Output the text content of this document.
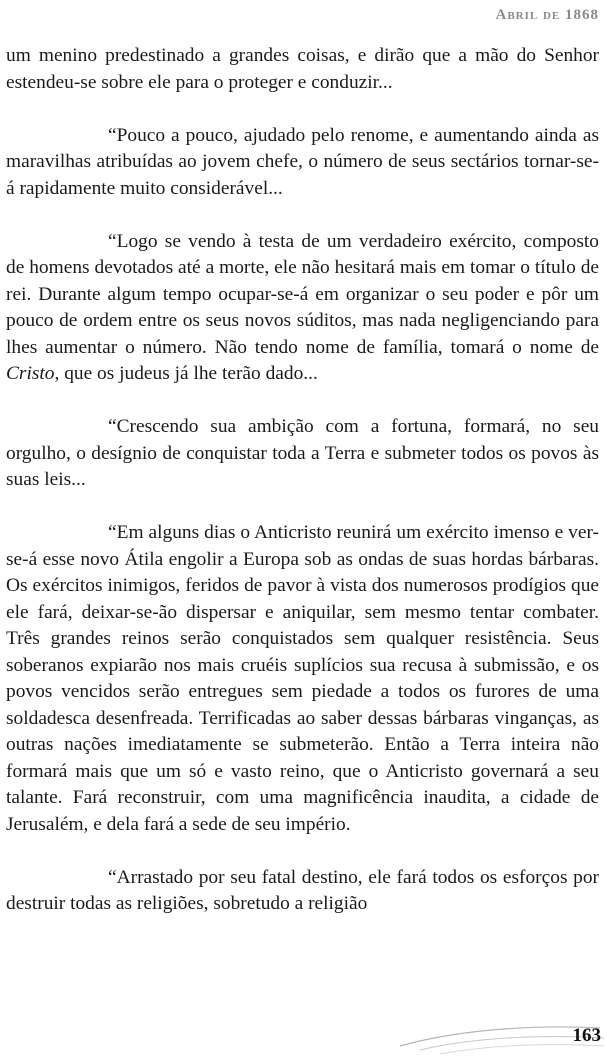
Abril de 1868

um menino predestinado a grandes coisas, e dirão que a mão do Senhor estendeu-se sobre ele para o proteger e conduzir...

“Pouco a pouco, ajudado pelo renome, e aumentando ainda as maravilhas atribuídas ao jovem chefe, o número de seus sectários tornar-se-á rapidamente muito considerável...

“Logo se vendo à testa de um verdadeiro exército, composto de homens devotados até a morte, ele não hesitará mais em tomar o título de rei. Durante algum tempo ocupar-se-á em organizar o seu poder e pôr um pouco de ordem entre os seus novos súditos, mas nada negligenciando para lhes aumentar o número. Não tendo nome de família, tomará o nome de Cristo, que os judeus já lhe terão dado...

“Crescendo sua ambição com a fortuna, formará, no seu orgulho, o desígnio de conquistar toda a Terra e submeter todos os povos às suas leis...

“Em alguns dias o Anticristo reunirá um exército imenso e ver-se-á esse novo Átila engolir a Europa sob as ondas de suas hordas bárbaras. Os exércitos inimigos, feridos de pavor à vista dos numerosos prodígios que ele fará, deixar-se-ão dispersar e aniquilar, sem mesmo tentar combater. Três grandes reinos serão conquistados sem qualquer resistência. Seus soberanos expiarão nos mais cruéis suplícios sua recusa à submissão, e os povos vencidos serão entregues sem piedade a todos os furores de uma soldadesca desenfreada. Terrificadas ao saber dessas bárbaras vinganças, as outras nações imediatamente se submeterão. Então a Terra inteira não formará mais que um só e vasto reino, que o Anticristo governará a seu talante. Fará reconstruir, com uma magnificência inaudita, a cidade de Jerusalém, e dela fará a sede de seu império.

“Arrastado por seu fatal destino, ele fará todos os esforços por destruir todas as religiões, sobretudo a religião

163
